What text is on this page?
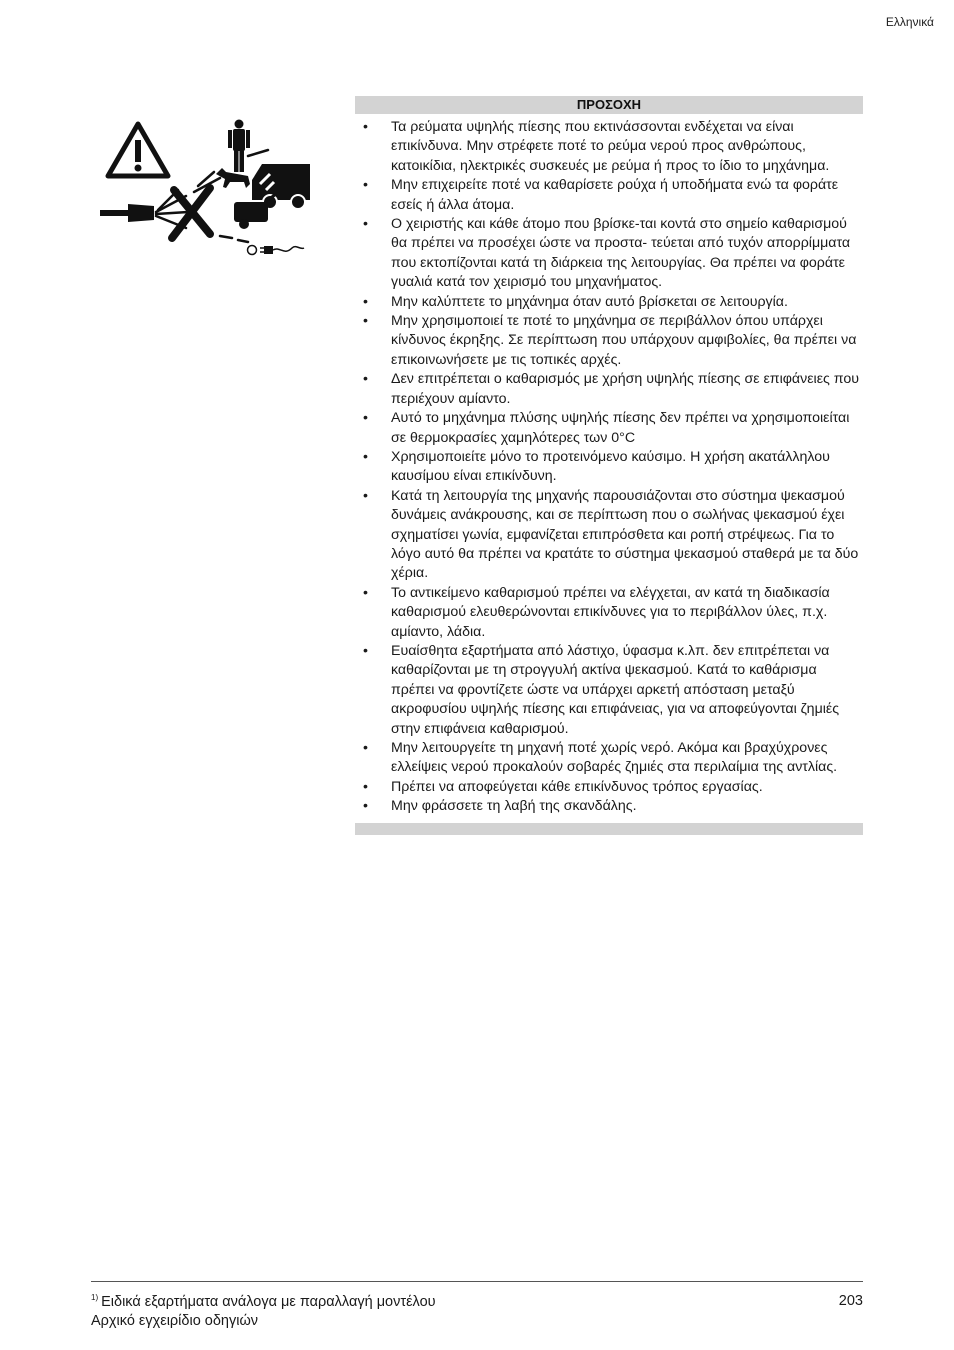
Ελληνικά
ΠΡΟΣΟΧΗ
• Τα ρεύματα υψηλής πίεσης που εκτινάσσονται ενδέχεται να είναι επικίνδυνα. Μην στρέφετε ποτέ το ρεύμα νερού προς ανθρώπους, κατοικίδια, ηλεκτρικές συσκευές με ρεύμα ή προς το ίδιο το μηχάνημα.
• Μην επιχειρείτε ποτέ να καθαρίσετε ρούχα ή υποδήματα ενώ τα φοράτε εσείς ή άλλα άτομα.
• Ο χειριστής και κάθε άτομο που βρίσκε-ται κοντά στο σημείο καθαρισμού θα πρέπει να προσέχει ώστε να προστα- τεύεται από τυχόν απορρίμματα που εκτοπίζονται κατά τη διάρκεια της λειτουργίας. Θα πρέπει να φοράτε γυαλιά κατά τον χειρισμό του μηχανήματος.
• Μην καλύπτετε το μηχάνημα όταν αυτό βρίσκεται σε λειτουργία.
• Μην χρησιμοποιεί τε ποτέ το μηχάνημα σε περιβάλλον όπου υπάρχει κίνδυνος έκρηξης. Σε περίπτωση που υπάρχουν αμφιβολίες, θα πρέπει να επικοινωνήσετε με τις τοπικές αρχές.
• Δεν επιτρέπεται ο καθαρισμός με χρήση υψηλής πίεσης σε επιφάνειες που περιέχουν αμίαντο.
• Αυτό το μηχάνημα πλύσης υψηλής πίεσης δεν πρέπει να χρησιμοποιείται σε θερμοκρασίες χαμηλότερες των 0°C
• Χρησιμοποιείτε μόνο το προτεινόμενο καύσιμο. Η χρήση ακατάλληλου καυσίμου είναι επικίνδυνη.
• Κατά τη λειτουργία της μηχανής παρουσιάζονται στο σύστημα ψεκασμού δυνάμεις ανάκρουσης, και σε περίπτωση που ο σωλήνας ψεκασμού έχει σχηματίσει γωνία, εμφανίζεται επιπρόσθετα και ροπή στρέψεως. Για το λόγο αυτό θα πρέπει να κρατάτε το σύστημα ψεκασμού σταθερά με τα δύο χέρια.
• Το αντικείμενο καθαρισμού πρέπει να ελέγχεται, αν κατά τη διαδικασία καθαρισμού ελευθερώνονται επικίνδυνες για το περιβάλλον ύλες, π.χ. αμίαντο, λάδια.
• Ευαίσθητα εξαρτήματα από λάστιχο, ύφασμα κ.λπ. δεν επιτρέπεται να καθαρίζονται με τη στρογγυλή ακτίνα ψεκασμού. Κατά το καθάρισμα πρέπει να φροντίζετε ώστε να υπάρχει αρκετή απόσταση μεταξύ ακροφυσίου υψηλής πίεσης και επιφάνειας, για να αποφεύγονται ζημιές στην επιφάνεια καθαρισμού.
• Μην λειτουργείτε τη μηχανή ποτέ χωρίς νερό. Ακόμα και βραχύχρονες ελλείψεις νερού προκαλούν σοβαρές ζημιές στα περιλαίμια της αντλίας.
• Πρέπει να αποφεύγεται κάθε επικίνδυνος τρόπος εργασίας.
• Μην φράσσετε τη λαβή της σκανδάλης.
$^{1)}$ Ειδικά εξαρτήματα ανάλογα με παραλλαγή μοντέλου	203
Αρχικό εγχειρίδιο οδηγιών
